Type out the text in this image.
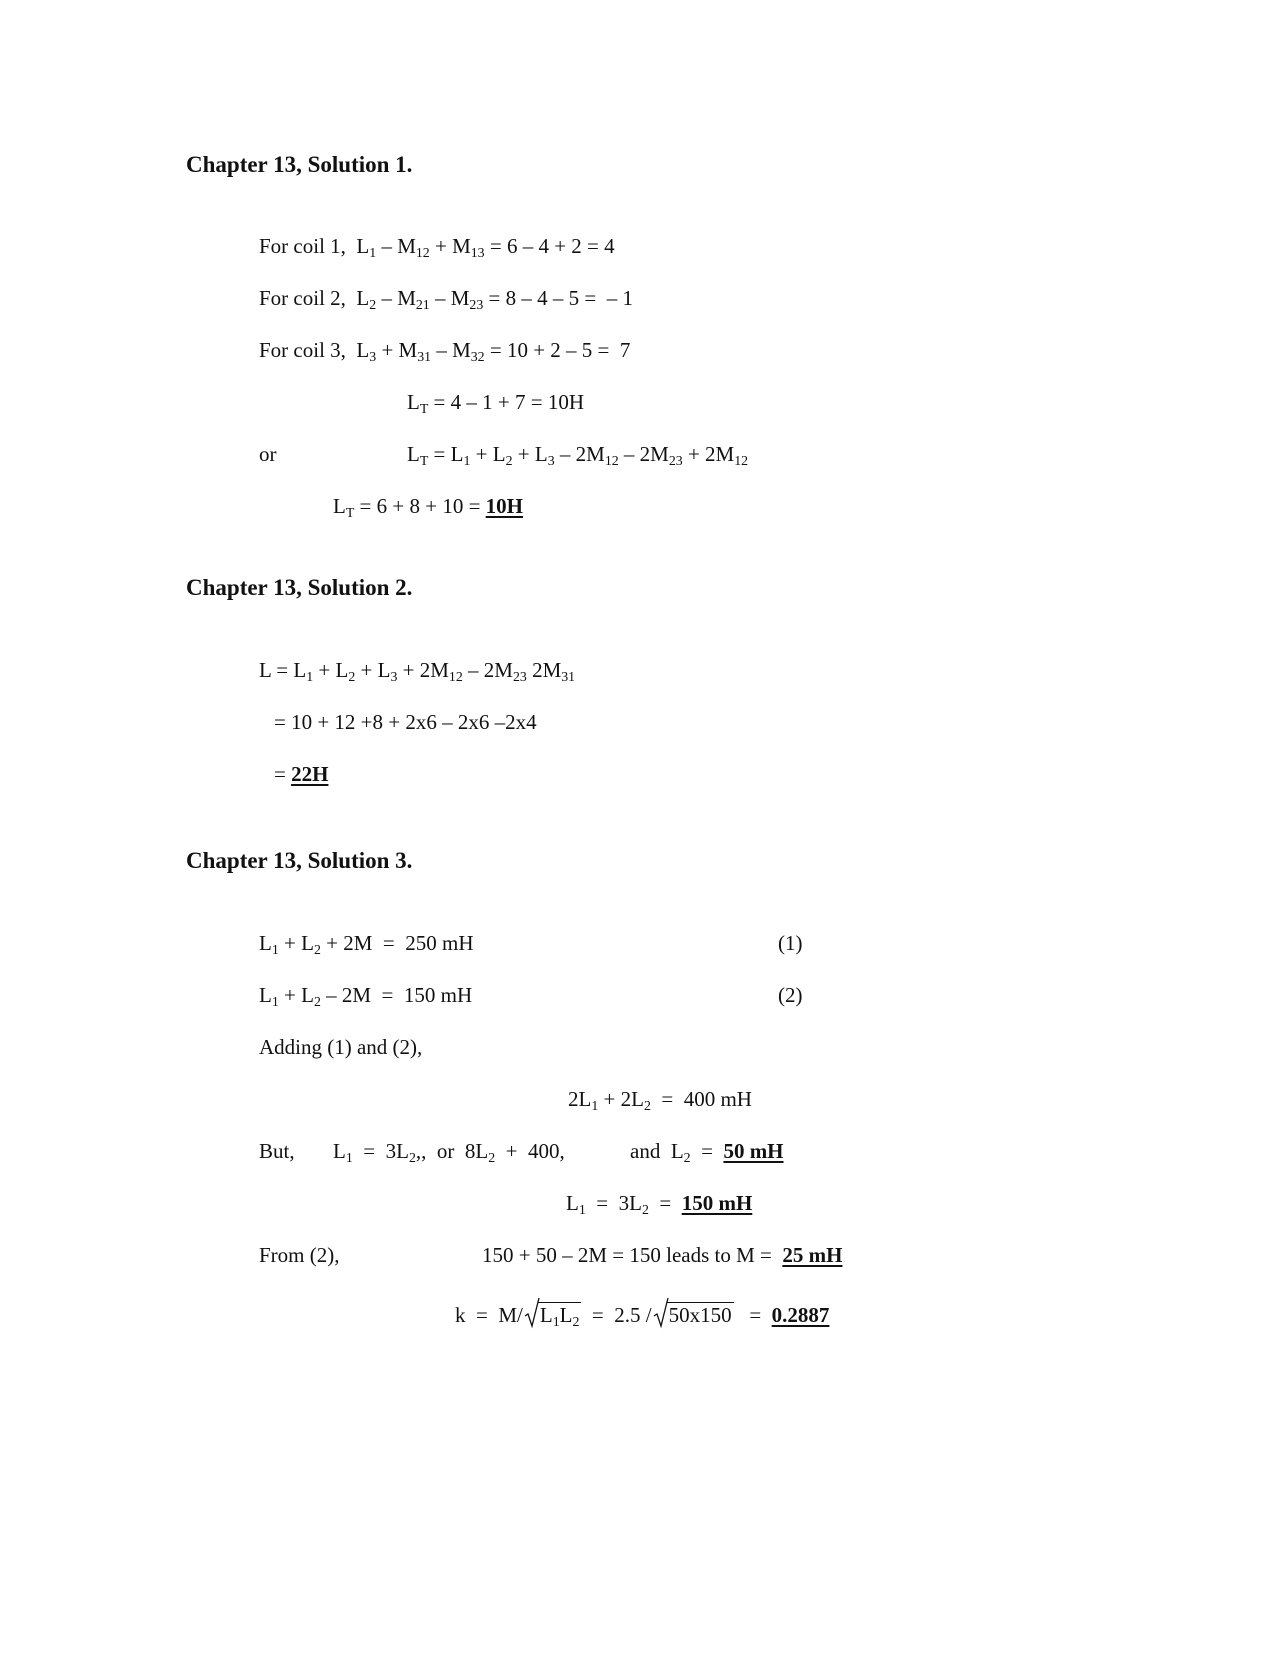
Chapter 13, Solution 1.
For coil 1,  $L_1 - M_{12} + M_{13} = 6 - 4 + 2 = 4$
For coil 2,  $L_2 - M_{21} - M_{23} = 8 - 4 - 5$ =  – 1
For coil 3,  $L_3 + M_{31} - M_{32} = 10 + 2 - 5 = 7$
$L_T = 4 - 1 + 7 = 10H$
or	$L_T = L_1 + L_2 + L_3 - 2M_{12} - 2M_{23} + 2M_{12}$
$L_T = 6 + 8 + 10 = 10H$
Chapter 13, Solution 2.
$L = L_1 + L_2 + L_3 + 2M_{12} - 2M_{23}$ $2M_{31}$
= 10 + 12 +8 + 2x6 – 2x6 –2x4
= 22H
Chapter 13, Solution 3.
$L_1 + L_2 + 2M = 250$ mH	(1)
$L_1 + L_2 - 2M = 150$ mH	(2)
Adding (1) and (2),
$2L_1 + 2L_2 = 400$ mH
But, $L_1 = 3L_2$,,  or  $8L_2 + 400$,	and  $L_2 = 50$ mH
$L_1 = 3L_2 = 150$ mH
From (2),	150 + 50 – 2M = 150 leads to M = 25 mH
k  =  M/ $L_1L_2 = 2.5 / 50x150 = 0.2887$
